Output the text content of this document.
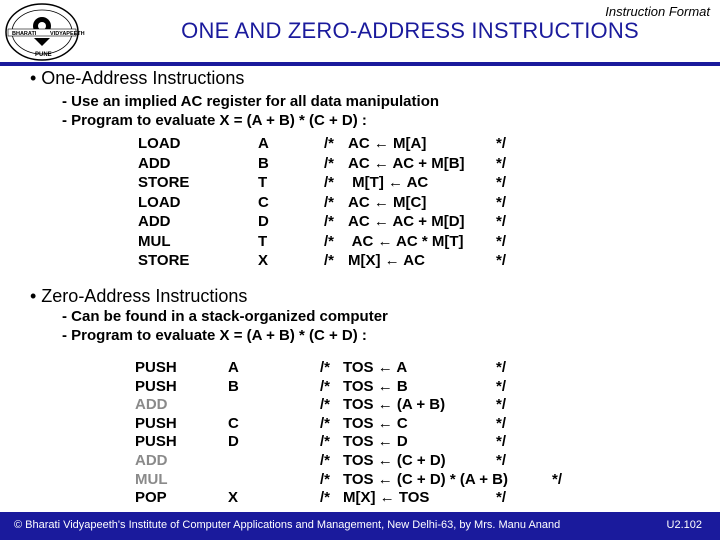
BHARATI VIDYAPEETH
PUNE
Instruction Format
ONE AND ZERO-ADDRESS INSTRUCTIONS
• One-Address Instructions
- Use an implied AC register for all data manipulation
- Program to evaluate X = (A + B) * (C + D) :
LOAD	A	/* AC ← M[A]	*/
ADD	B	/* AC ← AC + M[B] */
STORE	T	/* M[T] ← AC	*/
LOAD	C	/* AC ← M[C]	*/
ADD	D	/* AC ← AC + M[D] */
MUL	T	/* AC ← AC * M[T] */
STORE	X	/* M[X] ← AC	*/
• Zero-Address Instructions
- Can be found in a stack-organized computer
- Program to evaluate X = (A + B) * (C + D) :
PUSH	A	/* TOS ← A	*/
PUSH	B	/* TOS ← B	*/
ADD	/* TOS ← (A + B)	*/
PUSH	C	/* TOS ← C	*/
PUSH	D	/* TOS ← D	*/
ADD	/* TOS ← (C + D)	*/
MUL	/* TOS ← (C + D) * (A + B)	*/
POP	X	/* M[X] ← TOS	*/
© Bharati Vidyapeeth's Institute of Computer Applications and Management, New Delhi-63, by Mrs. Manu Anand	U2.102
